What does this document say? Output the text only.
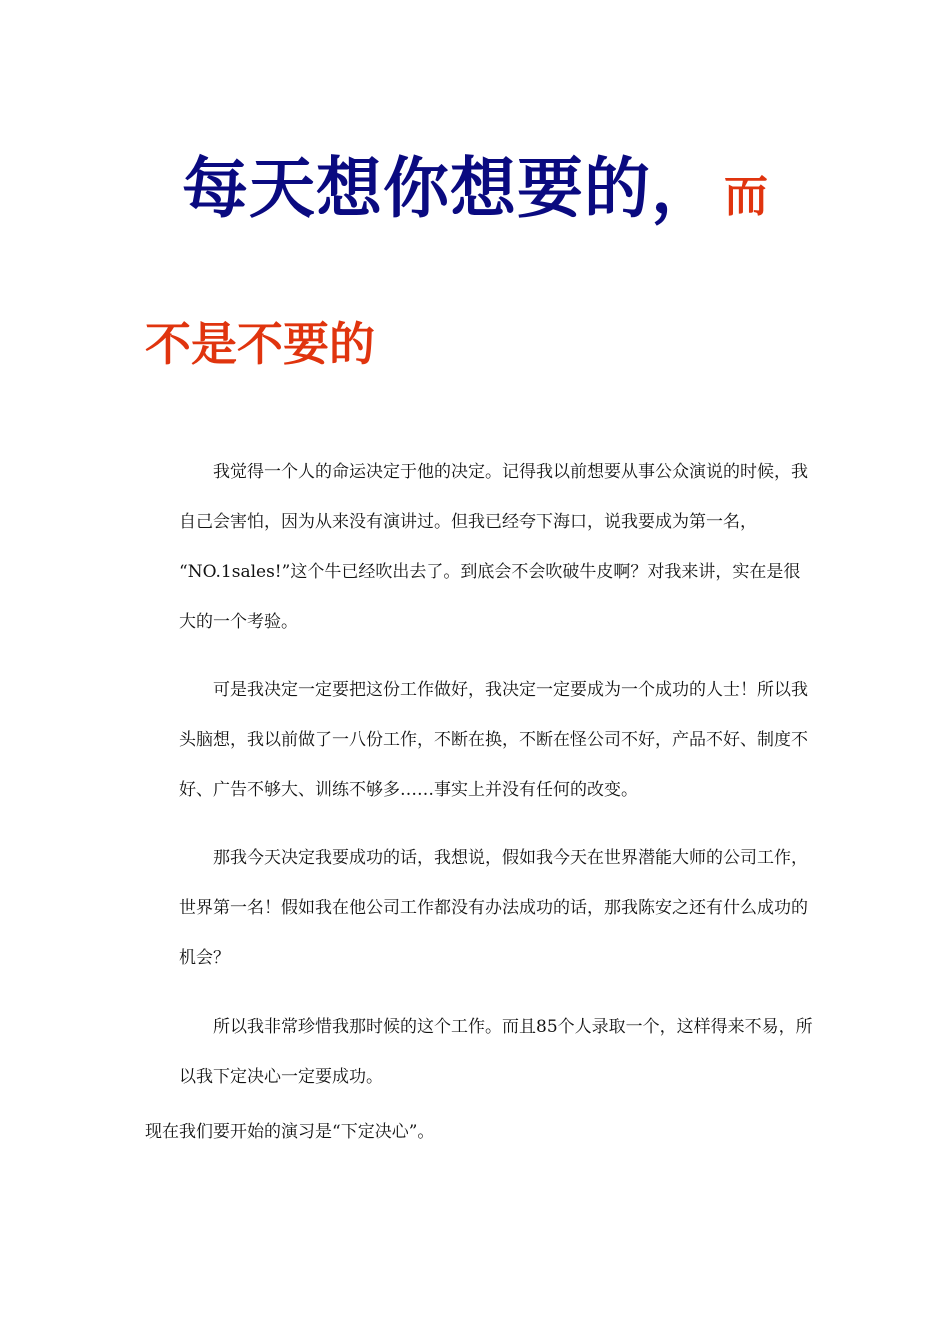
每天想你想要的， 而
不是不要的
我觉得一个人的命运决定于他的决定。记得我以前想要从事公众演说的时候，我
自己会害怕，因为从来没有演讲过。但我已经夸下海口，说我要成为第一名，
“NO.1sales!”这个牛已经吹出去了。到底会不会吹破牛皮啊？对我来讲，实在是很
大的一个考验。
可是我决定一定要把这份工作做好，我决定一定要成为一个成功的人士！所以我
头脑想，我以前做了一八份工作，不断在换，不断在怪公司不好，产品不好、制度不
好、广告不够大、训练不够多……事实上并没有任何的改变。
那我今天决定我要成功的话，我想说，假如我今天在世界潜能大师的公司工作，
世界第一名！假如我在他公司工作都没有办法成功的话，那我陈安之还有什么成功的
机会？
所以我非常珍惜我那时候的这个工作。而且85个人录取一个，这样得来不易，所
以我下定决心一定要成功。
现在我们要开始的演习是“下定决心”。
